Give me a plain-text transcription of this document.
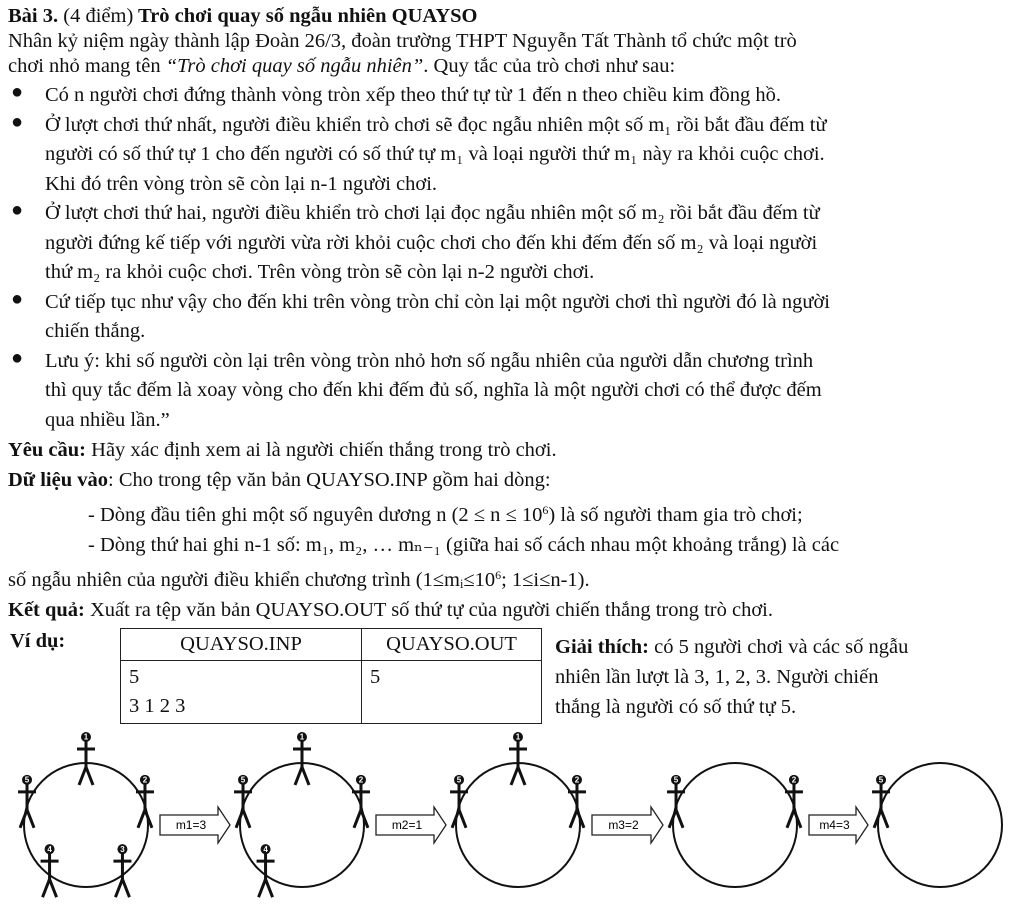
Bài 3. (4 điểm) Trò chơi quay số ngẫu nhiên QUAYSO
Nhân kỷ niệm ngày thành lập Đoàn 26/3, đoàn trường THPT Nguyễn Tất Thành tổ chức một trò
chơi nhỏ mang tên “Trò chơi quay số ngẫu nhiên”. Quy tắc của trò chơi như sau:
● Có n người chơi đứng thành vòng tròn xếp theo thứ tự từ 1 đến n theo chiều kim đồng hồ.
● Ở lượt chơi thứ nhất, người điều khiển trò chơi sẽ đọc ngẫu nhiên một số m₁ rồi bắt đầu đếm từ
người có số thứ tự 1 cho đến người có số thứ tự m₁ và loại người thứ m₁ này ra khỏi cuộc chơi.
Khi đó trên vòng tròn sẽ còn lại n-1 người chơi.
● Ở lượt chơi thứ hai, người điều khiển trò chơi lại đọc ngẫu nhiên một số m₂ rồi bắt đầu đếm từ
người đứng kế tiếp với người vừa rời khỏi cuộc chơi cho đến khi đếm đến số m₂ và loại người
thứ m₂ ra khỏi cuộc chơi. Trên vòng tròn sẽ còn lại n-2 người chơi.
● Cứ tiếp tục như vậy cho đến khi trên vòng tròn chỉ còn lại một người chơi thì người đó là người
chiến thắng.
● Lưu ý: khi số người còn lại trên vòng tròn nhỏ hơn số ngẫu nhiên của người dẫn chương trình
thì quy tắc đếm là xoay vòng cho đến khi đếm đủ số, nghĩa là một người chơi có thể được đếm
qua nhiều lần.”
Yêu cầu: Hãy xác định xem ai là người chiến thắng trong trò chơi.
Dữ liệu vào: Cho trong tệp văn bản QUAYSO.INP gồm hai dòng:
- Dòng đầu tiên ghi một số nguyên dương n $(2 \le n \le 10^6)$ là số người tham gia trò chơi;
- Dòng thứ hai ghi n-1 số: m₁, m₂, … mₙ₋₁ (giữa hai số cách nhau một khoảng trắng) là các
số ngẫu nhiên của người điều khiển chương trình ($1\le mᵢ\le 10^6$; 1≤i≤n-1).
Kết quả: Xuất ra tệp văn bản QUAYSO.OUT số thứ tự của người chiến thắng trong trò chơi.
Ví dụ:	QUAYSO.INP	QUAYSO.OUT

5
3 1 2 3	5
Giải thích: có 5 người chơi và các số ngẫu
nhiên lần lượt là 3, 1, 2, 3. Người chiến
thắng là người có số thứ tự 5.
1
2
3
4
5
1
2
4
5
1
2
5	2
5	5
m1=3	m2=1	m3=2	m4=3
